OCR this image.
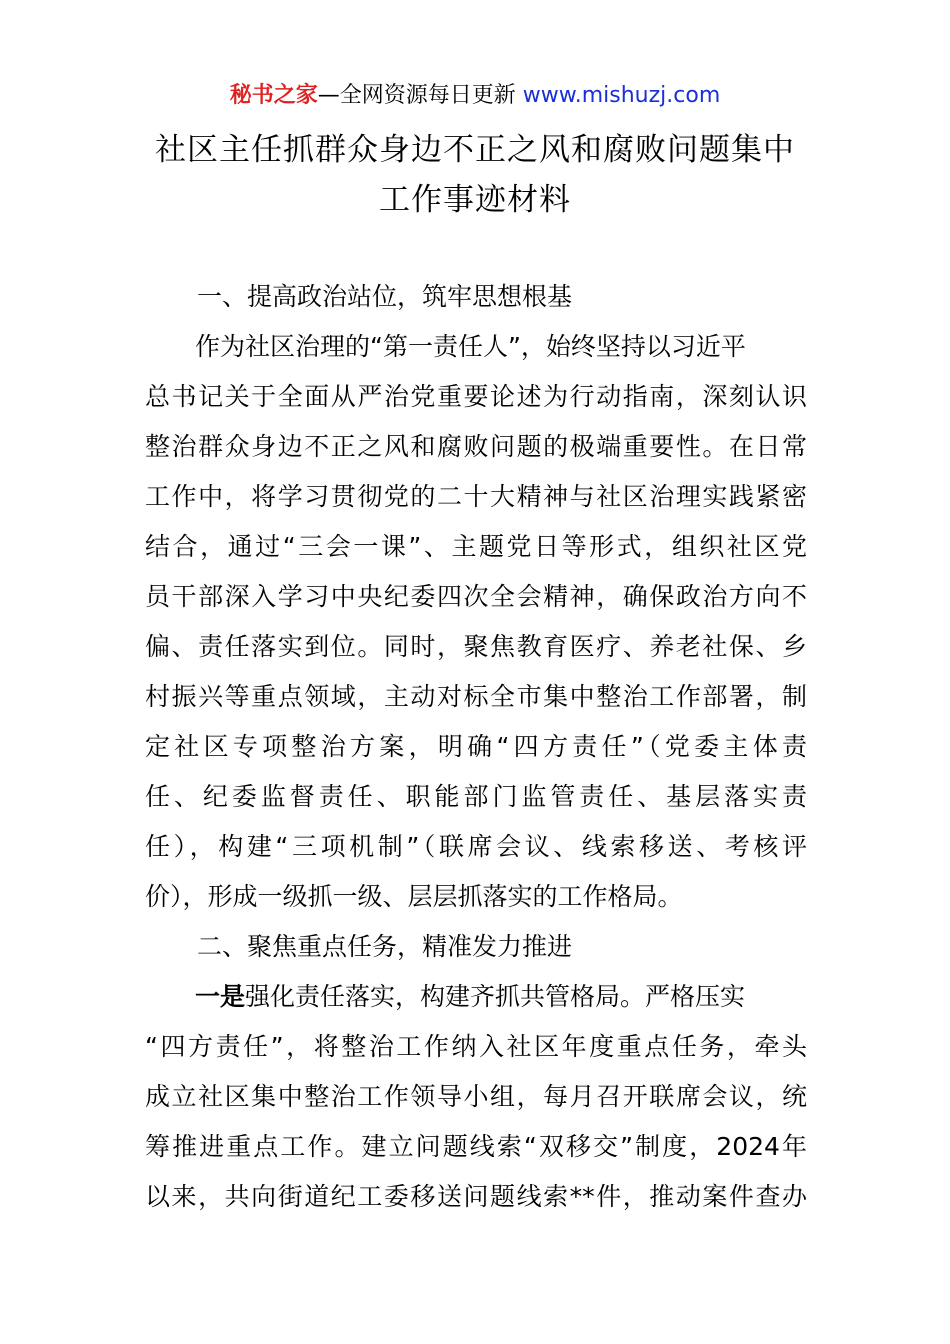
秘书之家—全网资源每日更新 www.mishuzj.com
社区主任抓群众身边不正之风和腐败问题集中
工作事迹材料
一、提高政治站位，筑牢思想根基
作为社区治理的“第一责任人”，始终坚持以习近平
总书记关于全面从严治党重要论述为行动指南，深刻认识
整治群众身边不正之风和腐败问题的极端重要性。在日常
工作中，将学习贯彻党的二十大精神与社区治理实践紧密
结合，通过“三会一课”、主题党日等形式，组织社区党
员干部深入学习中央纪委四次全会精神，确保政治方向不
偏、责任落实到位。同时，聚焦教育医疗、养老社保、乡
村振兴等重点领域，主动对标全市集中整治工作部署，制
定社区专项整治方案，明确“四方责任”（党委主体责
任、纪委监督责任、职能部门监管责任、基层落实责
任），构建“三项机制”（联席会议、线索移送、考核评
价），形成一级抓一级、层层抓落实的工作格局。
二、聚焦重点任务，精准发力推进
一是强化责任落实，构建齐抓共管格局。严格压实
“四方责任”，将整治工作纳入社区年度重点任务，牵头
成立社区集中整治工作领导小组，每月召开联席会议，统
筹推进重点工作。建立问题线索“双移交”制度，2024年
以来，共向街道纪工委移送问题线索**件，推动案件查办
